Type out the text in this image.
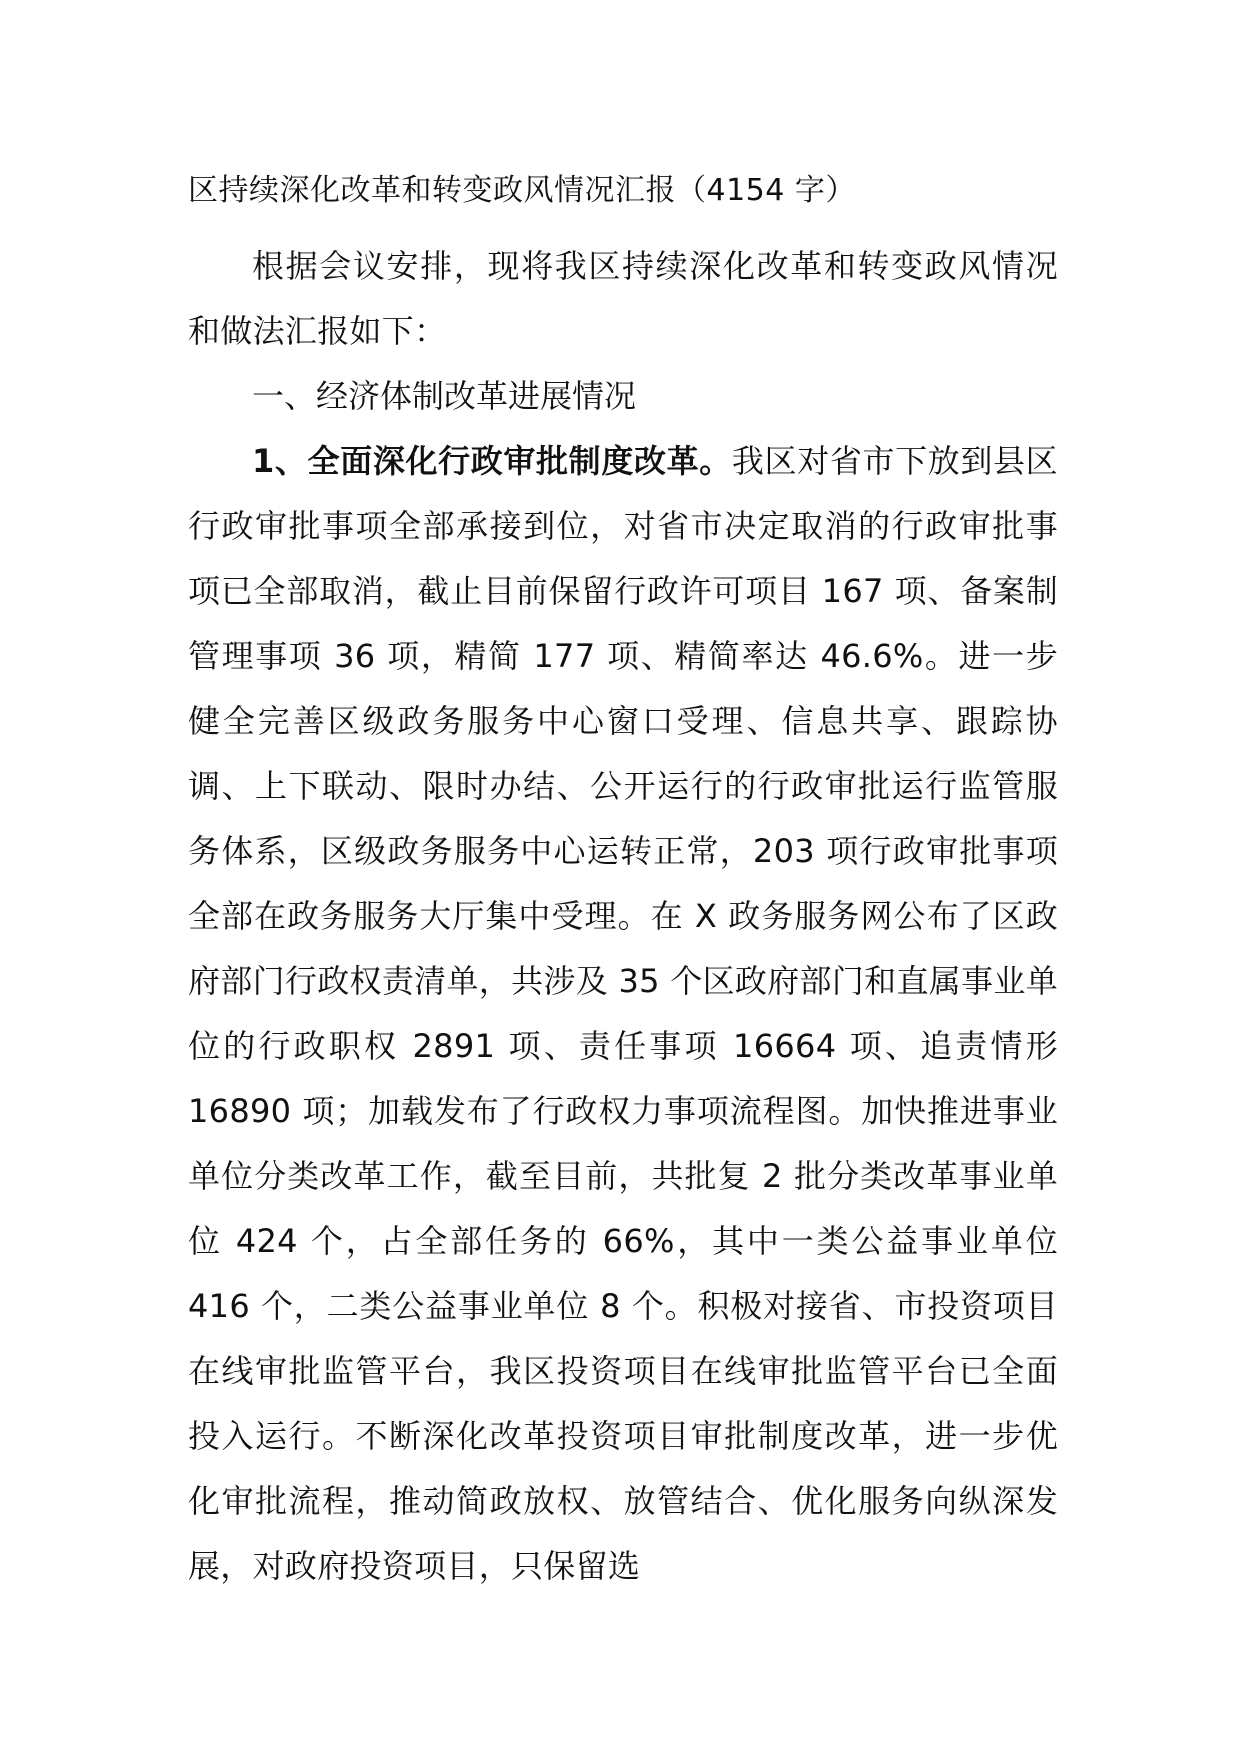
区持续深化改革和转变政风情况汇报（4154 字）

根据会议安排，现将我区持续深化改革和转变政风情况和做法汇报如下：

一、经济体制改革进展情况

1、全面深化行政审批制度改革。我区对省市下放到县区行政审批事项全部承接到位，对省市决定取消的行政审批事项已全部取消，截止目前保留行政许可项目 167 项、备案制管理事项 36 项，精简 177 项、精简率达 46.6%。进一步健全完善区级政务服务中心窗口受理、信息共享、跟踪协调、上下联动、限时办结、公开运行的行政审批运行监管服务体系，区级政务服务中心运转正常，203 项行政审批事项全部在政务服务大厅集中受理。在 X 政务服务网公布了区政府部门行政权责清单，共涉及 35 个区政府部门和直属事业单位的行政职权 2891 项、责任事项 16664 项、追责情形 16890 项；加载发布了行政权力事项流程图。加快推进事业单位分类改革工作，截至目前，共批复 2 批分类改革事业单位 424 个，占全部任务的 66%，其中一类公益事业单位 416 个，二类公益事业单位 8 个。积极对接省、市投资项目在线审批监管平台，我区投资项目在线审批监管平台已全面投入运行。不断深化改革投资项目审批制度改革，进一步优化审批流程，推动简政放权、放管结合、优化服务向纵深发展，对政府投资项目，只保留选
